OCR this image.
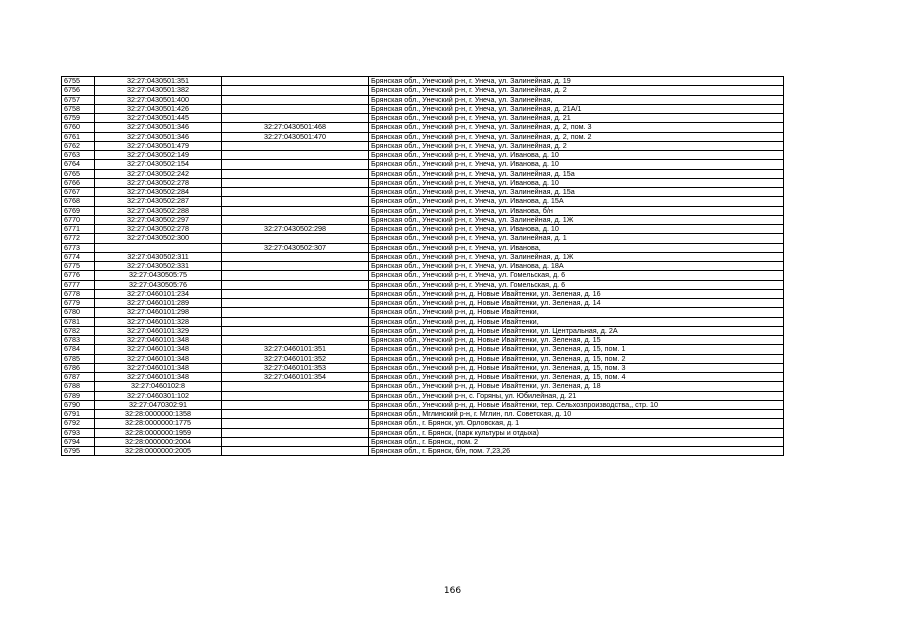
6755	32:27:0430501:351		Брянская обл., Унечский р-н, г. Унеча, ул. Залинейная, д. 19
6756	32:27:0430501:382		Брянская обл., Унечский р-н, г. Унеча, ул. Залинейная, д. 2
6757	32:27:0430501:400		Брянская обл., Унечский р-н, г. Унеча, ул. Залинейная,
6758	32:27:0430501:426		Брянская обл., Унечский р-н, г. Унеча, ул. Залинейная, д. 21А/1
6759	32:27:0430501:445		Брянская обл., Унечский р-н, г. Унеча, ул. Залинейная, д. 21
6760	32:27:0430501:346	32:27:0430501:468	Брянская обл., Унечский р-н, г. Унеча, ул. Залинейная, д. 2, пом. 3
6761	32:27:0430501:346	32:27:0430501:470	Брянская обл., Унечский р-н, г. Унеча, ул. Залинейная, д. 2, пом. 2
6762	32:27:0430501:479		Брянская обл., Унечский р-н, г. Унеча, ул. Залинейная, д. 2
6763	32:27:0430502:149		Брянская обл., Унечский р-н, г. Унеча, ул. Иванова, д. 10
6764	32:27:0430502:154		Брянская обл., Унечский р-н, г. Унеча, ул. Иванова, д. 10
6765	32:27:0430502:242		Брянская обл., Унечский р-н, г. Унеча, ул. Залинейная, д. 15а
6766	32:27:0430502:278		Брянская обл., Унечский р-н, г. Унеча, ул. Иванова, д. 10
6767	32:27:0430502:284		Брянская обл., Унечский р-н, г. Унеча, ул. Залинейная, д. 15а
6768	32:27:0430502:287		Брянская обл., Унечский р-н, г. Унеча, ул. Иванова, д. 15А
6769	32:27:0430502:288		Брянская обл., Унечский р-н, г. Унеча, ул. Иванова, б/н
6770	32:27:0430502:297		Брянская обл., Унечский р-н, г. Унеча, ул. Залинейная, д. 1Ж
6771	32:27:0430502:278	32:27:0430502:298	Брянская обл., Унечский р-н, г. Унеча, ул. Иванова, д. 10
6772	32:27:0430502:300		Брянская обл., Унечский р-н, г. Унеча, ул. Залинейная, д. 1
6773		32:27:0430502:307	Брянская обл., Унечский р-н, г. Унеча, ул. Иванова,
6774	32:27:0430502:311		Брянская обл., Унечский р-н, г. Унеча, ул. Залинейная, д. 1Ж
6775	32:27:0430502:331		Брянская обл., Унечский р-н, г. Унеча, ул. Иванова, д. 18А
6776	32:27:0430505:75		Брянская обл., Унечский р-н, г. Унеча, ул. Гомельская, д. 6
6777	32:27:0430505:76		Брянская обл., Унечский р-н, г. Унеча, ул. Гомельская, д. 6
6778	32:27:0460101:234		Брянская обл., Унечский р-н, д. Новые Ивайтенки, ул. Зеленая, д. 16
6779	32:27:0460101:289		Брянская обл., Унечский р-н, д. Новые Ивайтенки, ул. Зеленая, д. 14
6780	32:27:0460101:298		Брянская обл., Унечский р-н, д. Новые Ивайтенки,
6781	32:27:0460101:328		Брянская обл., Унечский р-н, д. Новые Ивайтенки,
6782	32:27:0460101:329		Брянская обл., Унечский р-н, д. Новые Ивайтенки, ул. Центральная, д. 2А
6783	32:27:0460101:348		Брянская обл., Унечский р-н, д. Новые Ивайтенки, ул. Зеленая, д. 15
6784	32:27:0460101:348	32:27:0460101:351	Брянская обл., Унечский р-н, д. Новые Ивайтенки, ул. Зеленая, д. 15, пом. 1
6785	32:27:0460101:348	32:27:0460101:352	Брянская обл., Унечский р-н, д. Новые Ивайтенки, ул. Зеленая, д. 15, пом. 2
6786	32:27:0460101:348	32:27:0460101:353	Брянская обл., Унечский р-н, д. Новые Ивайтенки, ул. Зеленая, д. 15, пом. 3
6787	32:27:0460101:348	32:27:0460101:354	Брянская обл., Унечский р-н, д. Новые Ивайтенки, ул. Зеленая, д. 15, пом. 4
6788	32:27:0460102:8		Брянская обл., Унечский р-н, д. Новые Ивайтенки, ул. Зеленая, д. 18
6789	32:27:0460301:102		Брянская обл., Унечский р-н, с. Горяны, ул. Юбилейная, д. 21
6790	32:27:0470302:91		Брянская обл., Унечский р-н, д. Новые Ивайтенки, тер. Сельхозпроизводства,, стр. 10
6791	32:28:0000000:1358		Брянская обл., Мглинский р-н, г. Мглин, пл. Советская, д. 10
6792	32:28:0000000:1775		Брянская обл., г. Брянск, ул. Орловская, д. 1
6793	32:28:0000000:1959		Брянская обл., г. Брянск, (парк культуры и отдыха)
6794	32:28:0000000:2004		Брянская обл., г. Брянск,, пом. 2
6795	32:28:0000000:2005		Брянская обл., г. Брянск, б/н, пом. 7,23,26
166
